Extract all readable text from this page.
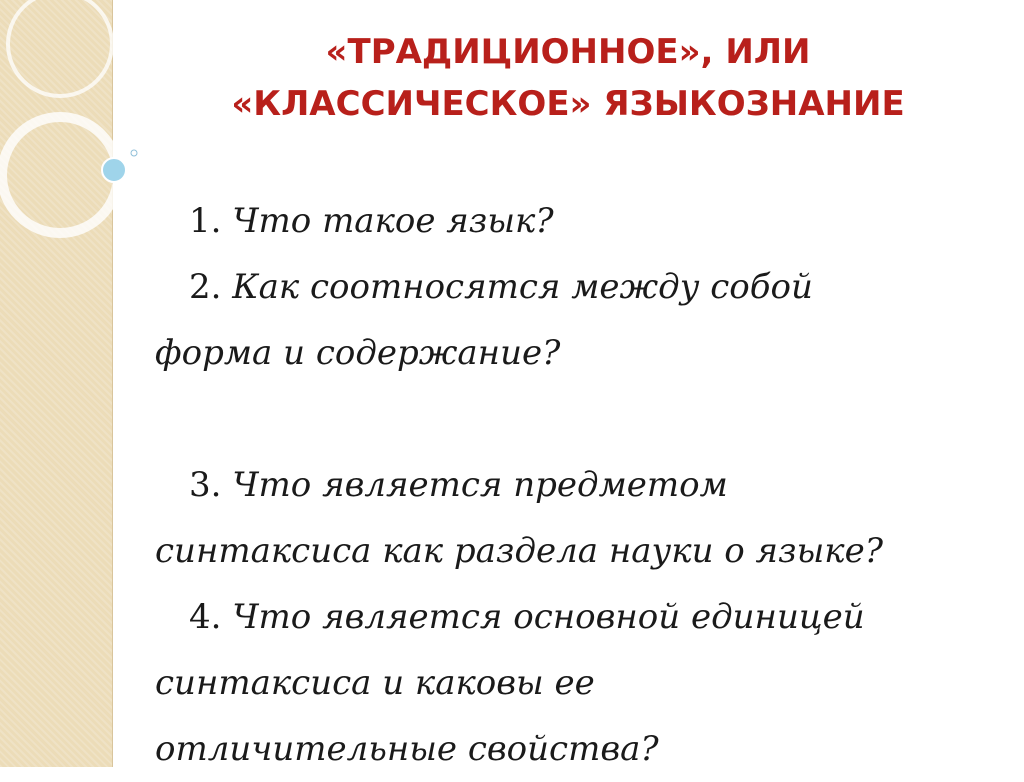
«ТРАДИЦИОННОЕ», ИЛИ
«КЛАССИЧЕСКОЕ» ЯЗЫКОЗНАНИЕ

1. Что такое язык?

2. Как соотносятся между собой

форма и содержание?

3. Что является предметом

синтаксиса как раздела науки о языке?

4. Что является основной единицей

синтаксиса и каковы ее

отличительные свойства?
